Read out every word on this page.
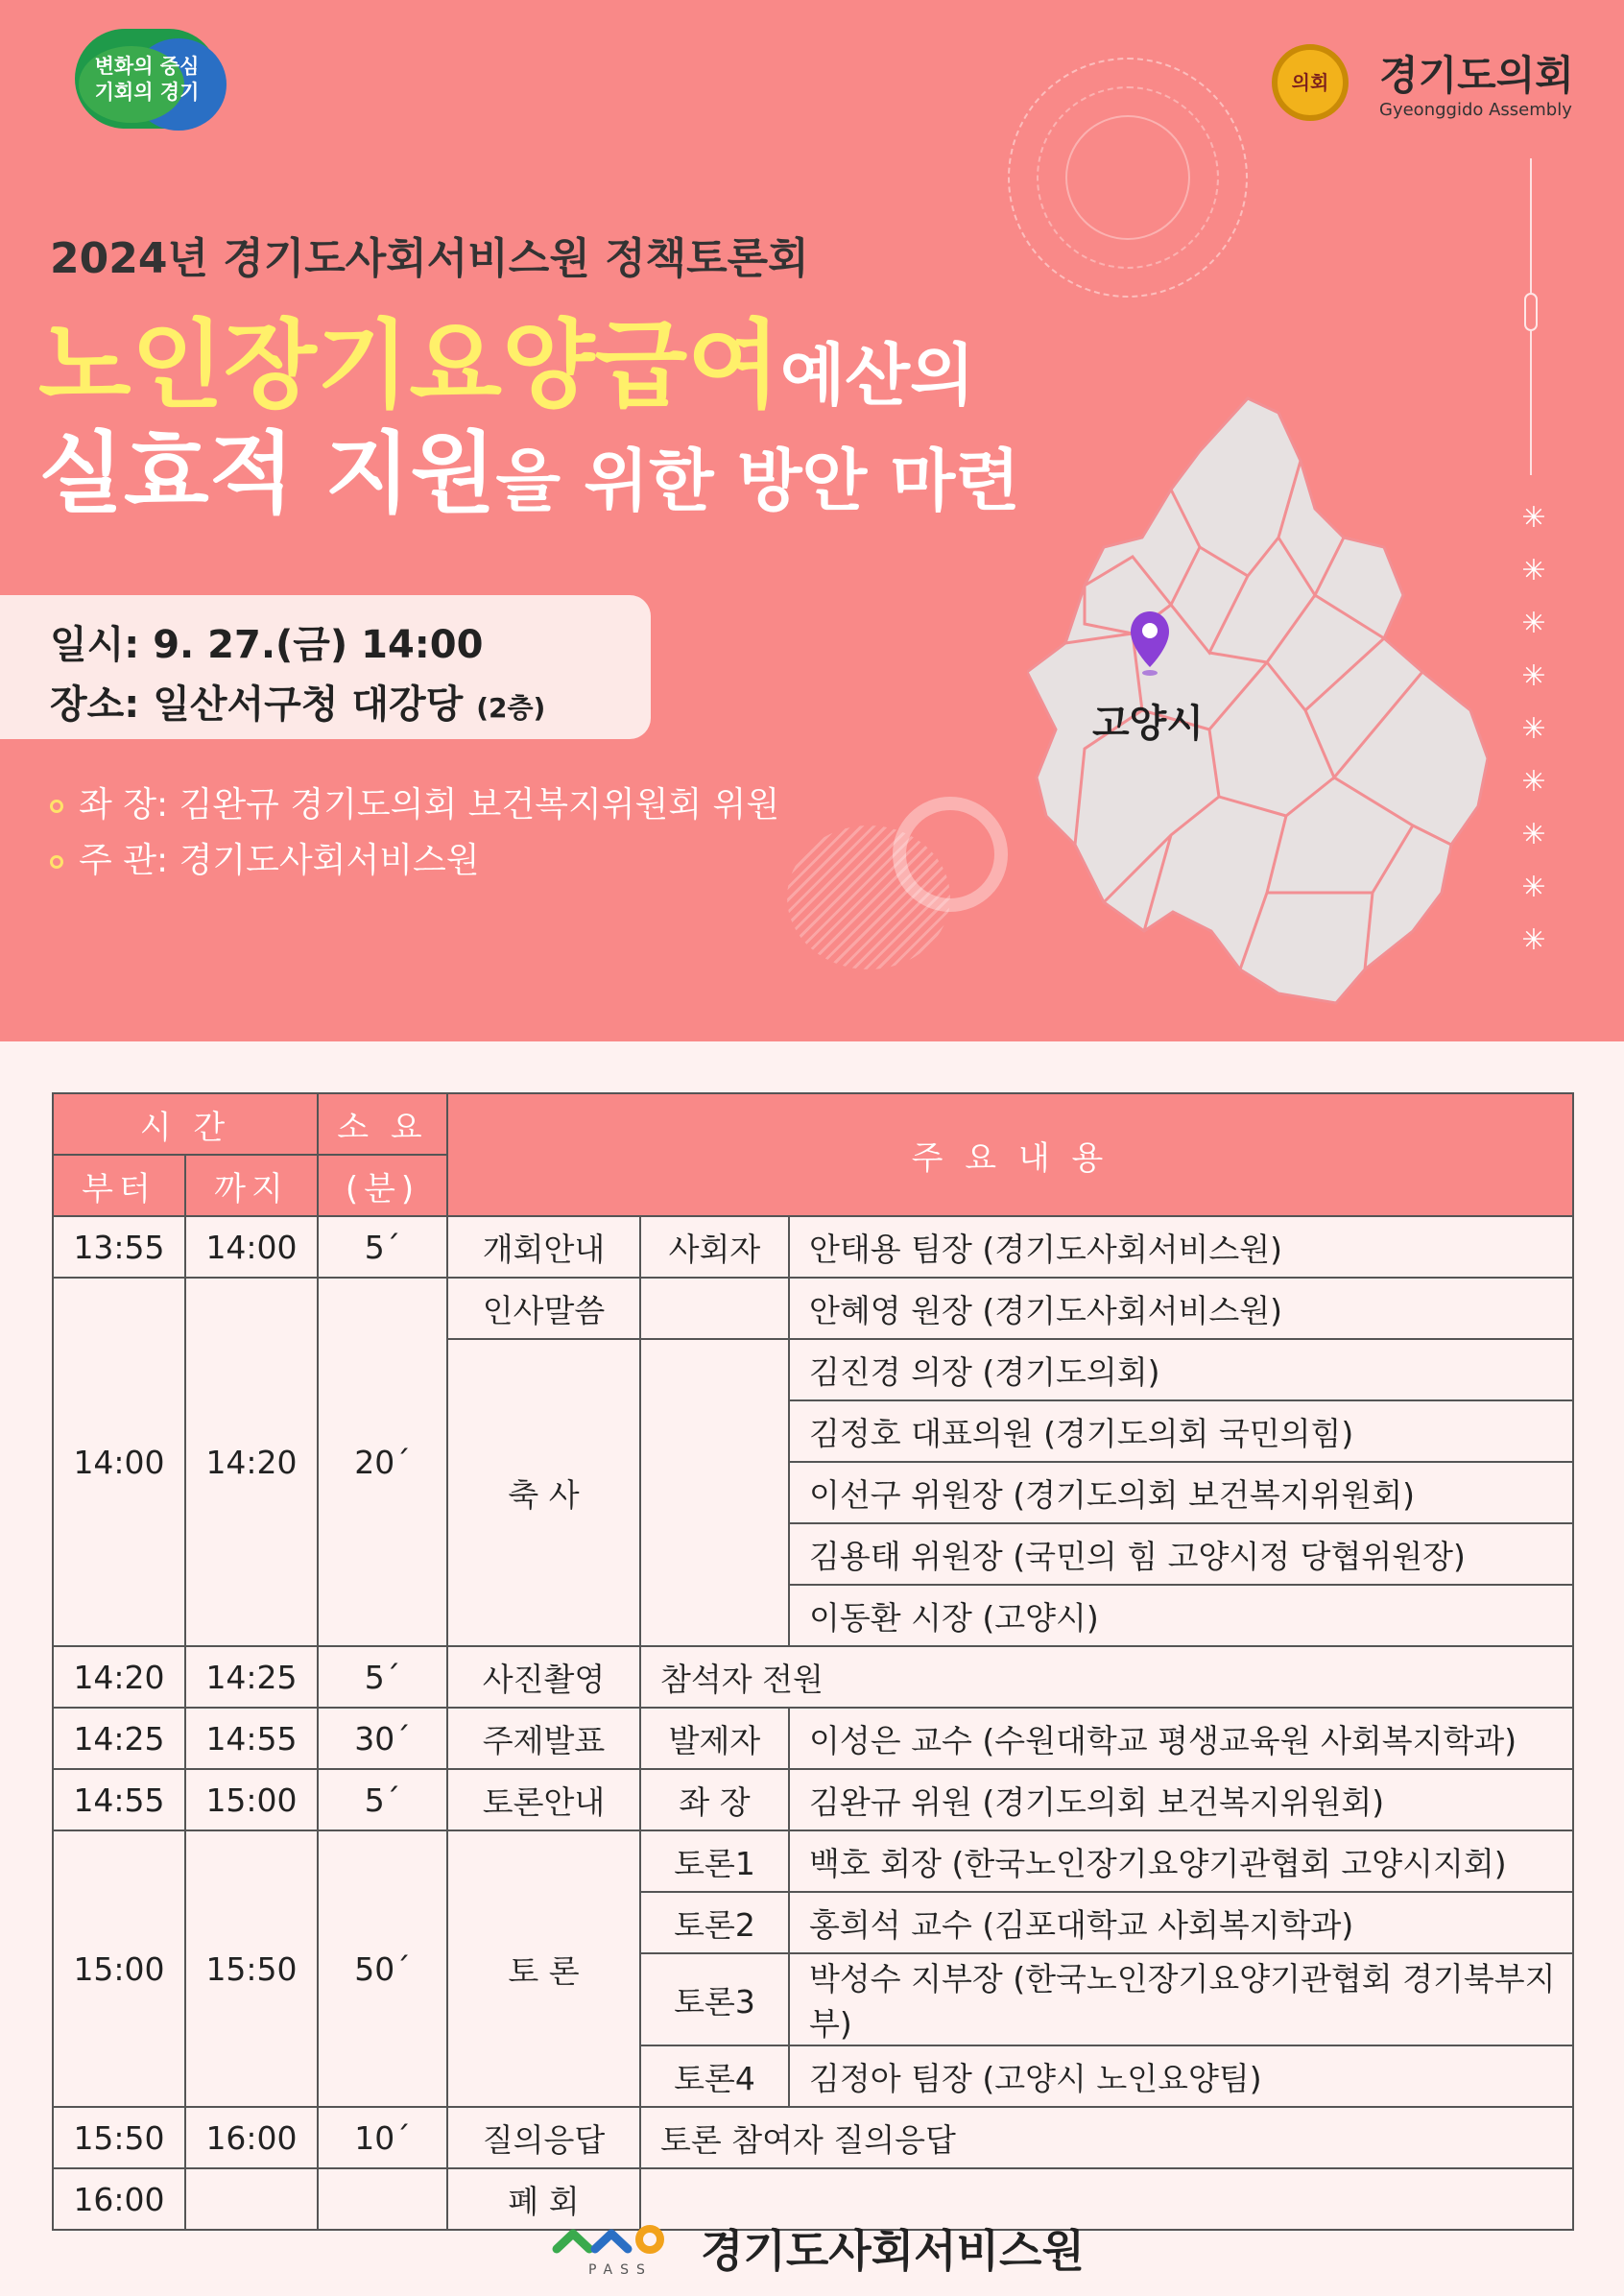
변화의 중심
기회의 경기	의회	경기도의회
Gyeonggido Assembly
✳
✳
✳
✳
✳
✳
✳
✳
✳
2024년 경기도사회서비스원 정책토론회
노인장기요양급여예산의
실효적 지원을 위한 방안 마련
일시: 9. 27.(금) 14:00
장소: 일산서구청 대강당 (2층)
좌 장: 김완규 경기도의회 보건복지위원회 위원
주 관: 경기도사회서비스원
고양시
시 간		소 요	주 요 내 용		
부터	까지	(분)			
13:55	14:00	5´	개회안내	사회자	안태용 팀장 (경기도사회서비스원)
14:00	14:20	20´	인사말씀		안혜영 원장 (경기도사회서비스원)
			축 사		김진경 의장 (경기도의회)
					김정호 대표의원 (경기도의회 국민의힘)
					이선구 위원장 (경기도의회 보건복지위원회)
					김용태 위원장 (국민의 힘 고양시정 당협위원장)
					이동환 시장 (고양시)
14:20	14:25	5´	사진촬영	참석자 전원	
14:25	14:55	30´	주제발표	발제자	이성은 교수 (수원대학교 평생교육원 사회복지학과)
14:55	15:00	5´	토론안내	좌 장	김완규 위원 (경기도의회 보건복지위원회)
15:00	15:50	50´	토 론	토론1	백호 회장 (한국노인장기요양기관협회 고양시지회)
				토론2	홍희석 교수 (김포대학교 사회복지학과)
				토론3	박성수 지부장 (한국노인장기요양기관협회 경기북부지부)
				토론4	김정아 팀장 (고양시 노인요양팀)
15:50	16:00	10´	질의응답	토론 참여자 질의응답	
16:00			폐 회		
PASS 경기도사회서비스원
